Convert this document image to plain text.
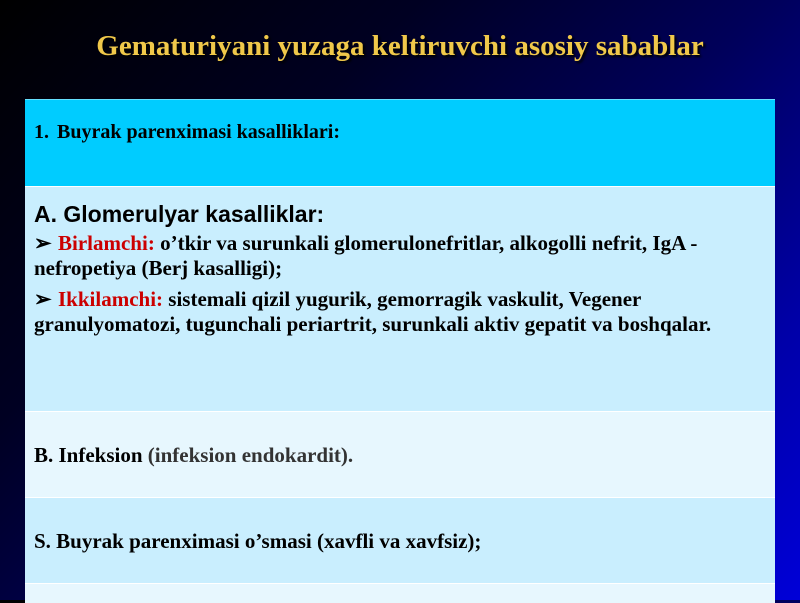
Gematuriyani yuzaga keltiruvchi asosiy sabablar
1. Buyrak parenximasi kasalliklari:
A. Glomerulyar kasalliklar:
➢ Birlamchi: o’tkir va surunkali glomerulonefritlar, alkogolli nefrit, IgA - nefropetiya (Berj kasalligi);
➢ Ikkilamchi: sistemali qizil yugurik, gemorragik vaskulit, Vegener granulyomatozi, tugunchali periartrit, surunkali aktiv gepatit va boshqalar.
B. Infeksion (infeksion endokardit).
S. Buyrak parenximasi o’smasi (xavfli va xavfsiz);
